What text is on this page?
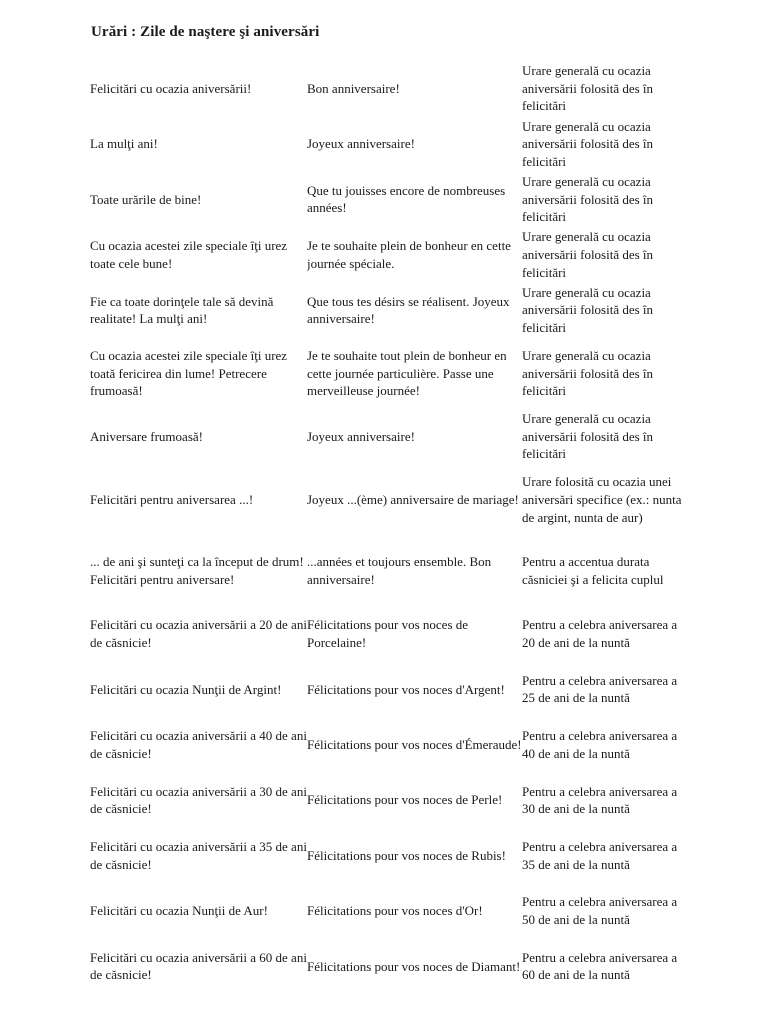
Urări : Zile de naştere şi aniversări
Felicitări cu ocazia aniversării!	Bon anniversaire!	Urare generală cu ocazia aniversării folosită des în felicitări
La mulţi ani!	Joyeux anniversaire!	Urare generală cu ocazia aniversării folosită des în felicitări
Toate urările de bine!	Que tu jouisses encore de nombreuses années!	Urare generală cu ocazia aniversării folosită des în felicitări
Cu ocazia acestei zile speciale îţi urez toate cele bune!	Je te souhaite plein de bonheur en cette journée spéciale.	Urare generală cu ocazia aniversării folosită des în felicitări
Fie ca toate dorinţele tale să devină realitate! La mulţi ani!	Que tous tes désirs se réalisent. Joyeux anniversaire!	Urare generală cu ocazia aniversării folosită des în felicitări
Cu ocazia acestei zile speciale îţi urez toată fericirea din lume! Petrecere frumoasă!	Je te souhaite tout plein de bonheur en cette journée particulière. Passe une merveilleuse journée!	Urare generală cu ocazia aniversării folosită des în felicitări
Aniversare frumoasă!	Joyeux anniversaire!	Urare generală cu ocazia aniversării folosită des în felicitări
Felicitări pentru aniversarea ...!	Joyeux ...(ème) anniversaire de mariage!	Urare folosită cu ocazia unei aniversări specifice (ex.: nunta de argint, nunta de aur)
... de ani şi sunteţi ca la început de drum! Felicitări pentru aniversare!	...années et toujours ensemble. Bon anniversaire!	Pentru a accentua durata căsniciei şi a felicita cuplul
Felicitări cu ocazia aniversării a 20 de ani de căsnicie!	Félicitations pour vos noces de Porcelaine!	Pentru a celebra aniversarea a 20 de ani de la nuntă
Felicitări cu ocazia Nunţii de Argint!	Félicitations pour vos noces d'Argent!	Pentru a celebra aniversarea a 25 de ani de la nuntă
Felicitări cu ocazia aniversării a 40 de ani de căsnicie!	Félicitations pour vos noces d'Émeraude!	Pentru a celebra aniversarea a 40 de ani de la nuntă
Felicitări cu ocazia aniversării a 30 de ani de căsnicie!	Félicitations pour vos noces de Perle!	Pentru a celebra aniversarea a 30 de ani de la nuntă
Felicitări cu ocazia aniversării a 35 de ani de căsnicie!	Félicitations pour vos noces de Rubis!	Pentru a celebra aniversarea a 35 de ani de la nuntă
Felicitări cu ocazia Nunţii de Aur!	Félicitations pour vos noces d'Or!	Pentru a celebra aniversarea a 50 de ani de la nuntă
Felicitări cu ocazia aniversării a 60 de ani de căsnicie!	Félicitations pour vos noces de Diamant!	Pentru a celebra aniversarea a 60 de ani de la nuntă
